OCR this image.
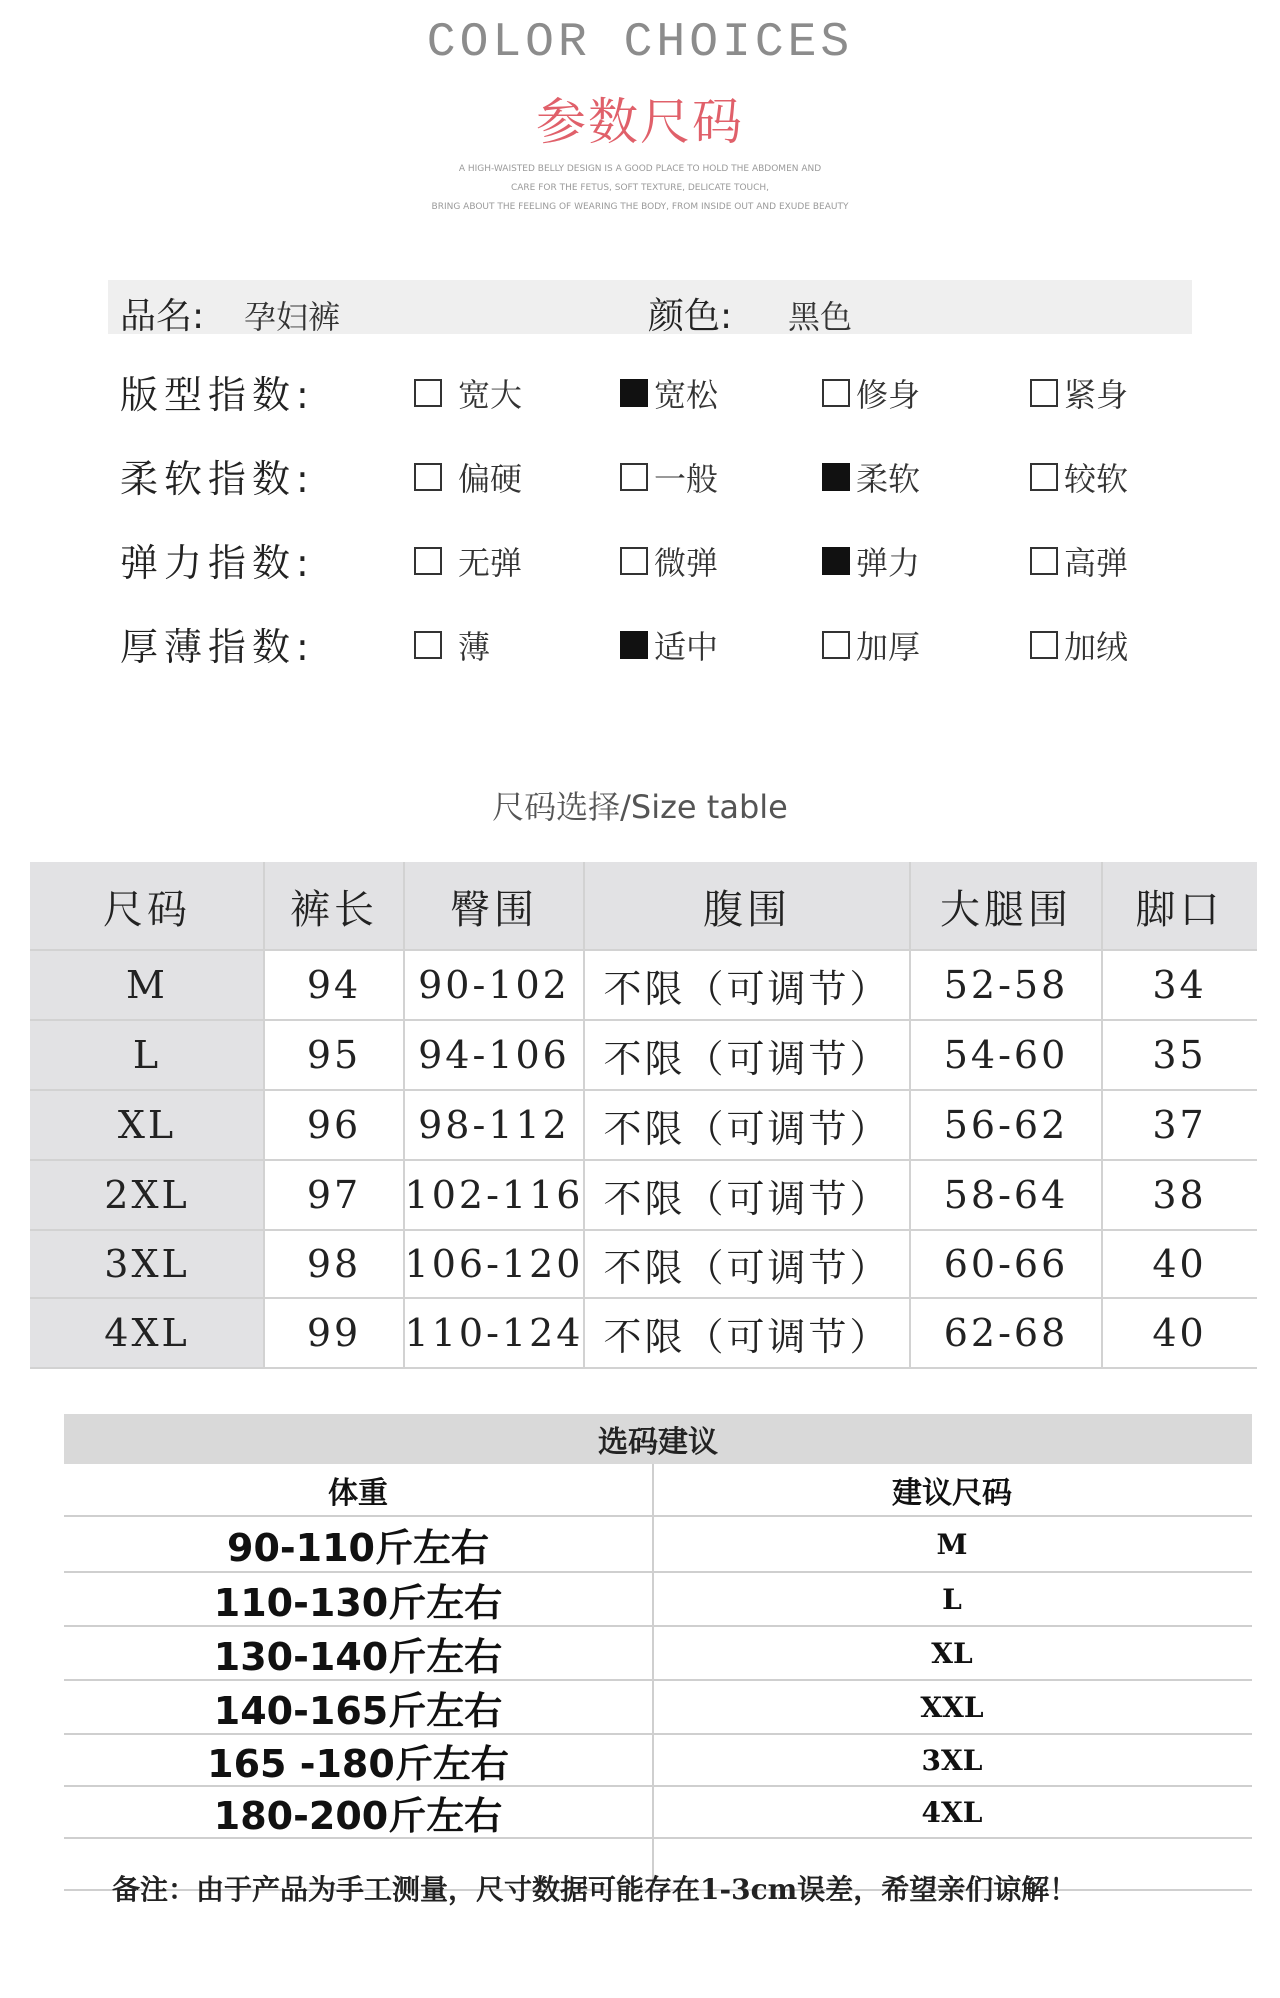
COLOR CHOICES
参数尺码
A HIGH-WAISTED BELLY DESIGN IS A GOOD PLACE TO HOLD THE ABDOMEN AND
CARE FOR THE FETUS, SOFT TEXTURE, DELICATE TOUCH,
BRING ABOUT THE FEELING OF WEARING THE BODY, FROM INSIDE OUT AND EXUDE BEAUTY
品名: 孕妇裤	颜色: 黑色
版型指数:	宽大	宽松	修身	紧身
柔软指数:	偏硬	一般	柔软	较软
弹力指数:	无弹	微弹	弹力	高弹
厚薄指数:	薄	适中	加厚	加绒
尺码选择/Size table
尺码	裤长	臀围	腹围	大腿围	脚口
M	94	90-102 不限（可调节）	52-58	34
L	95	94-106 不限（可调节）	54-60	35
XL	96	98-112 不限（可调节）	56-62	37
2XL	97	102-116 不限（可调节）	58-64	38
3XL	98	106-120 不限（可调节）	60-66	40
4XL	99	110-124 不限（可调节）	62-68	40
选码建议
体重	建议尺码
90-110斤左右	M
110-130斤左右	L
130-140斤左右	XL
140-165斤左右	XXL
165 -180斤左右	3XL
180-200斤左右	4XL
备注：由于产品为手工测量，尺寸数据可能存在1-3cm误差，希望亲们谅解！
